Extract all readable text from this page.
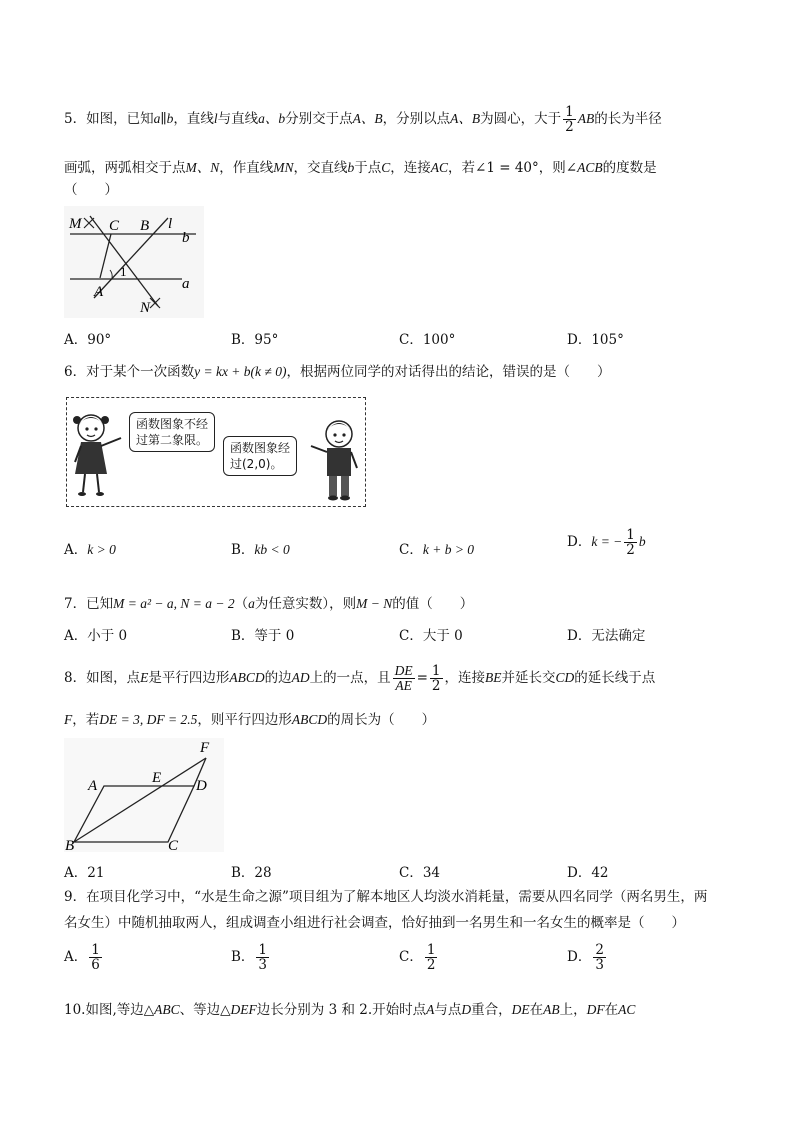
5．如图，已知a∥b，直线l与直线a、b分别交于点A、B，分别以点A、B为圆心，大于 $\frac{1}{2}$ AB的长为半径
画弧，两弧相交于点M、N，作直线MN，交直线b于点C，连接AC，若∠1 = 40°，则∠ACB的度数是
（　　）
M C B l
b
1
A	a
N
A．90°	B．95°	C．100°	D．105°
6．对于某个一次函数y = kx + b(k ≠ 0)，根据两位同学的对话得出的结论，错误的是（　　）
函数图象不经
过第二象限。
函数图象经
过(2,0)。
A．k > 0	B．kb < 0	C．k + b > 0	D．k = − $\frac{1}{2}$ b
7．已知M = a² − a, N = a − 2（a为任意实数），则M − N的值（　　）
A．小于 0	B．等于 0	C．大于 0	D．无法确定
8．如图，点E是平行四边形ABCD的边AD上的一点，且 $\frac{DE}{AE} = \frac{1}{2}$ ，连接BE并延长交CD的延长线于点
F，若DE = 3, DF = 2.5，则平行四边形ABCD的周长为（　　）
F
A	E D
B	C
A．21	B．28	C．34	D．42
9．在项目化学习中，“水是生命之源”项目组为了解本地区人均淡水消耗量，需要从四名同学（两名男生，两
名女生）中随机抽取两人，组成调查小组进行社会调查，恰好抽到一名男生和一名女生的概率是（　　）
A． $\frac{1}{6}$	B． $\frac{1}{3}$	C． $\frac{1}{2}$	D． $\frac{2}{3}$
10.如图,等边△ABC、等边△DEF边长分别为 3 和 2.开始时点A与点D重合，DE在AB上，DF在AC
